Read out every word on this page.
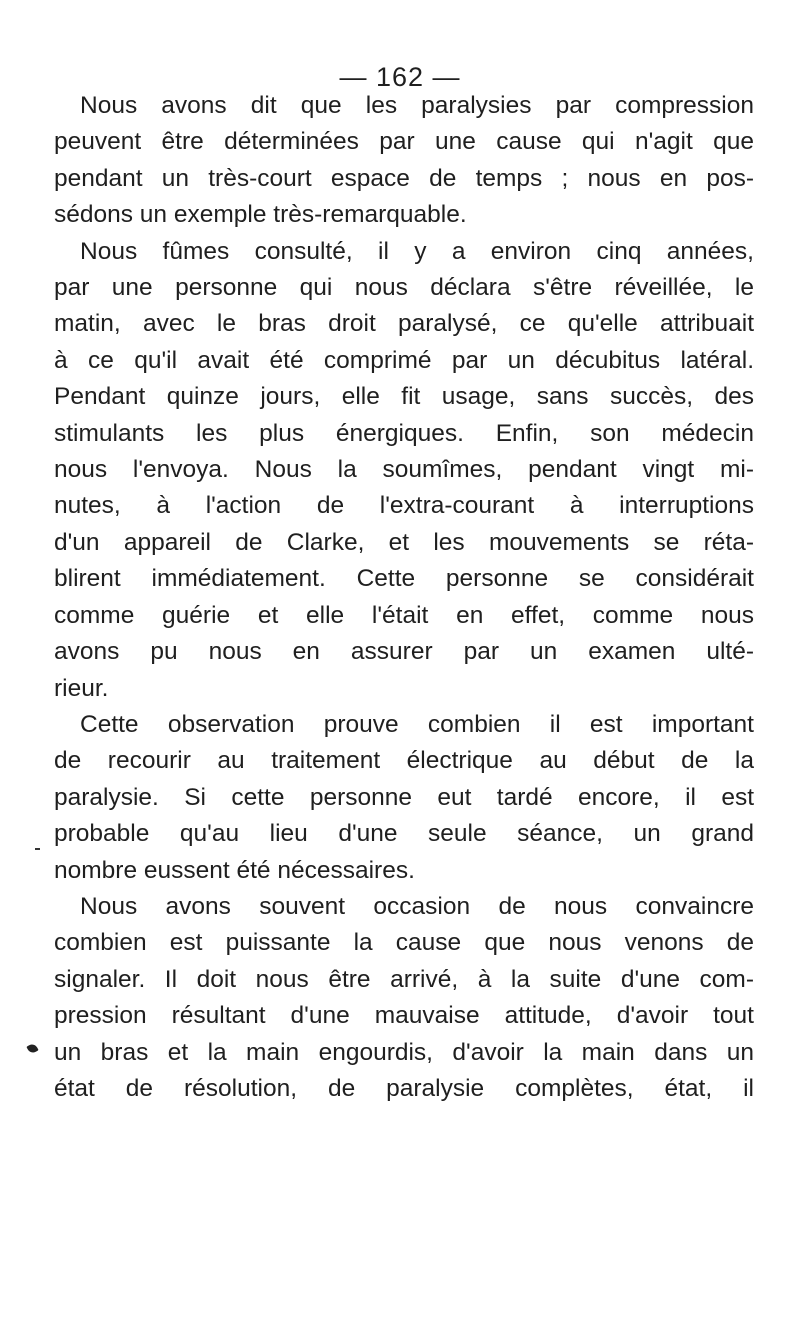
— 162 —
Nous avons dit que les paralysies par compression
peuvent être déterminées par une cause qui n'agit que
pendant un très-court espace de temps ; nous en pos-
sédons un exemple très-remarquable.
Nous fûmes consulté, il y a environ cinq années,
par une personne qui nous déclara s'être réveillée, le
matin, avec le bras droit paralysé, ce qu'elle attribuait
à ce qu'il avait été comprimé par un décubitus latéral.
Pendant quinze jours, elle fit usage, sans succès, des
stimulants les plus énergiques. Enfin, son médecin
nous l'envoya. Nous la soumîmes, pendant vingt mi-
nutes, à l'action de l'extra-courant à interruptions
d'un appareil de Clarke, et les mouvements se réta-
blirent immédiatement. Cette personne se considérait
comme guérie et elle l'était en effet, comme nous
avons pu nous en assurer par un examen ulté-
rieur.
Cette observation prouve combien il est important
de recourir au traitement électrique au début de la
paralysie. Si cette personne eut tardé encore, il est
probable qu'au lieu d'une seule séance, un grand
nombre eussent été nécessaires.
Nous avons souvent occasion de nous convaincre
combien est puissante la cause que nous venons de
signaler. Il doit nous être arrivé, à la suite d'une com-
pression résultant d'une mauvaise attitude, d'avoir tout
un bras et la main engourdis, d'avoir la main dans un
état de résolution, de paralysie complètes, état, il
